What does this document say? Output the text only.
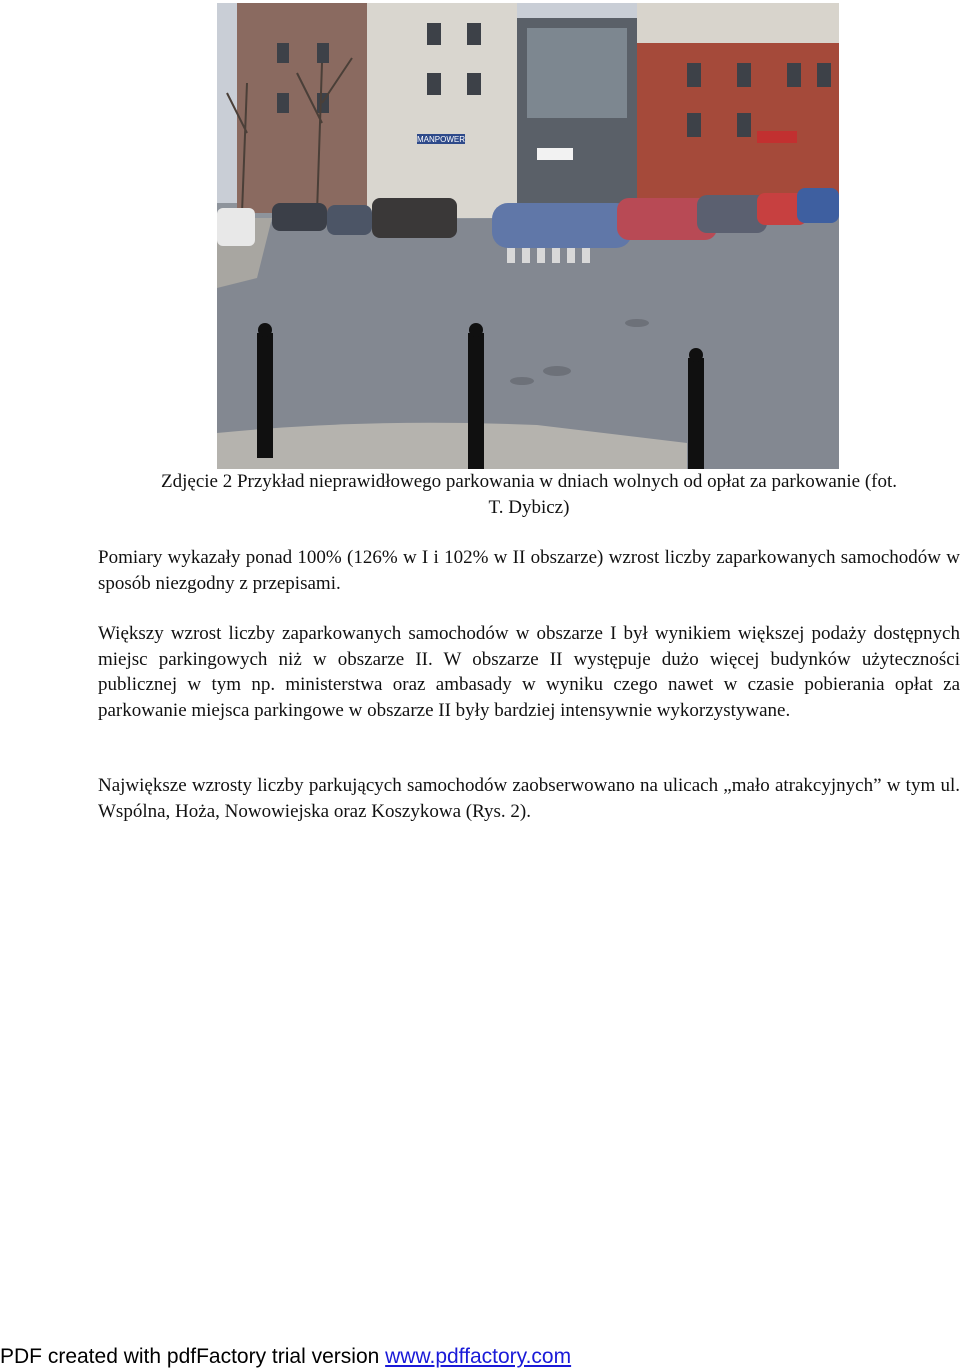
MANPOWER
Zdjęcie 2 Przykład nieprawidłowego parkowania w dniach wolnych od opłat za parkowanie (fot.
T. Dybicz)

Pomiary wykazały ponad 100% (126% w I i 102% w II obszarze) wzrost liczby zaparkowanych samochodów w sposób niezgodny z przepisami.

Większy wzrost liczby zaparkowanych samochodów w obszarze I był wynikiem większej podaży dostępnych miejsc parkingowych niż w obszarze II. W obszarze II występuje dużo więcej budynków użyteczności publicznej w tym np. ministerstwa oraz ambasady w wyniku czego nawet w czasie pobierania opłat za parkowanie miejsca parkingowe w obszarze II były bardziej intensywnie wykorzystywane.

Największe wzrosty liczby parkujących samochodów zaobserwowano na ulicach „mało atrakcyjnych” w tym ul. Wspólna, Hoża, Nowowiejska oraz Koszykowa (Rys. 2).

PDF created with pdfFactory trial version www.pdffactory.com
